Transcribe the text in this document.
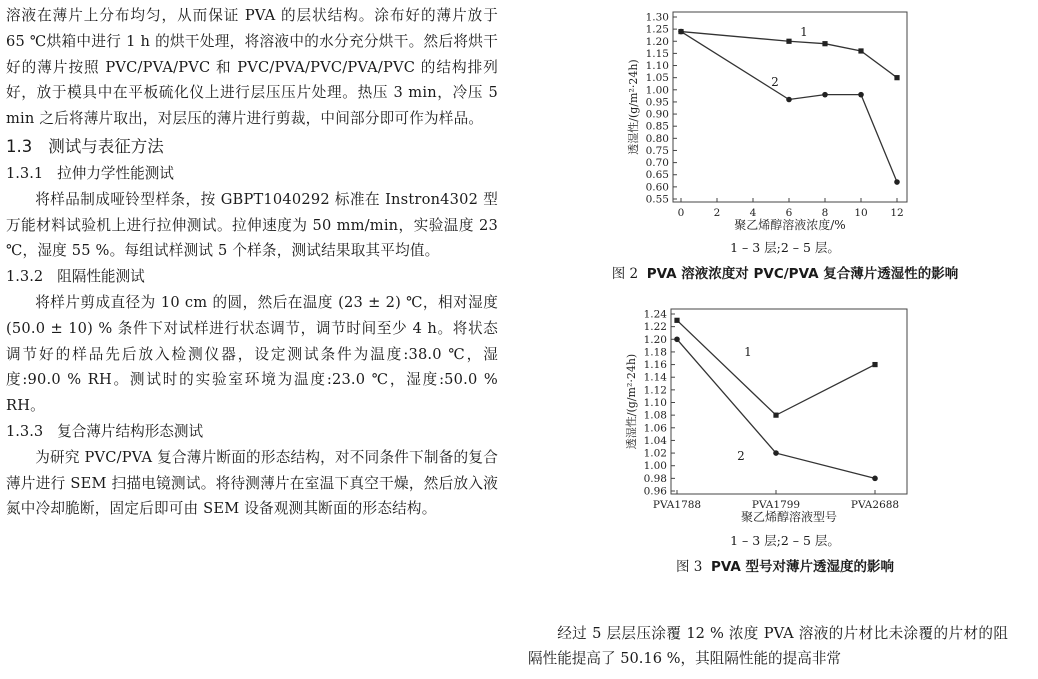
溶液在薄片上分布均匀，从而保证 PVA 的层状结构。涂布好的薄片放于 65 ℃烘箱中进行 1 h 的烘干处理，将溶液中的水分充分烘干。然后将烘干好的薄片按照 PVC/PVA/PVC 和 PVC/PVA/PVC/PVA/PVC 的结构排列好，放于模具中在平板硫化仪上进行层压压片处理。热压 3 min，冷压 5 min 之后将薄片取出，对层压的薄片进行剪裁，中间部分即可作为样品。

1.3 测试与表征方法
1.3.1 拉伸力学性能测试

将样品制成哑铃型样条，按 GBPT1040292 标准在 Instron4302 型万能材料试验机上进行拉伸测试。拉伸速度为 50 mm/min，实验温度 23 ℃，湿度 55 %。每组试样测试 5 个样条，测试结果取其平均值。

1.3.2 阻隔性能测试

将样片剪成直径为 10 cm 的圆，然后在温度 (23 ± 2) ℃，相对湿度 (50.0 ± 10) % 条件下对试样进行状态调节，调节时间至少 4 h。将状态调节好的样品先后放入检测仪器，设定测试条件为温度:38.0 ℃，湿度:90.0 % RH。测试时的实验室环境为温度:23.0 ℃，湿度:50.0 % RH。

1.3.3 复合薄片结构形态测试

为研究 PVC/PVA 复合薄片断面的形态结构，对不同条件下制备的复合薄片进行 SEM 扫描电镜测试。将待测薄片在室温下真空干燥，然后放入液氮中冷却脆断，固定后即可由 SEM 设备观测其断面的形态结构。

0.55
0.60
0.65
0.70
0.75
0.80
0.85
0.90
0.95
1.00
1.05
1.10
1.15
1.20
1.25
1.30
0	2	4	6	8 10 12
聚乙烯醇溶液浓度/%
透湿性/(g/m²·24h)
1
2
1 – 3 层;2 – 5 层。
图 2 PVA 溶液浓度对 PVC/PVA 复合薄片透湿性的影响
0.96
0.98
1.00
1.02
1.04
1.06
1.08
1.10
1.12
1.14
1.16
1.18
1.20
1.22
1.24
PVA1788	PVA1799	PVA2688
聚乙烯醇溶液型号
透湿性/(g/m²·24h)
1
2
1 – 3 层;2 – 5 层。
图 3 PVA 型号对薄片透湿度的影响

经过 5 层层压涂覆 12 % 浓度 PVA 溶液的片材比未涂覆的片材的阻隔性能提高了 50.16 %，其阻隔性能的提高非常
